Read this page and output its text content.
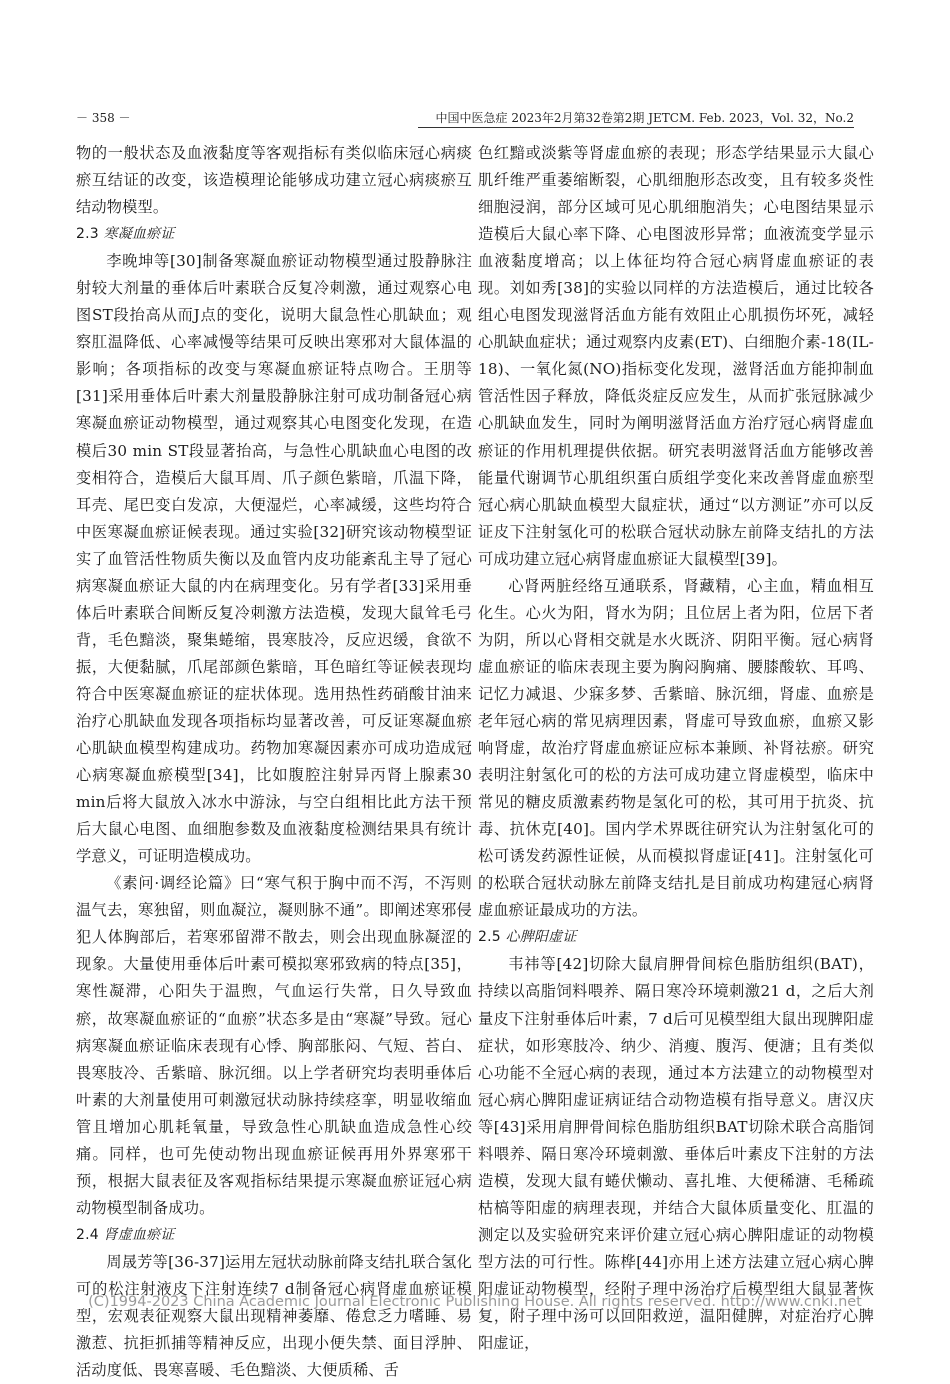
－ 358 －	中国中医急症 2023年2月第32卷第2期 JETCM. Feb. 2023，Vol. 32，No.2

物的一般状态及血液黏度等客观指标有类似临床冠心病痰瘀互结证的改变，该造模理论能够成功建立冠心病痰瘀互结动物模型。

2.3 寒凝血瘀证

李晚坤等[30]制备寒凝血瘀证动物模型通过股静脉注射较大剂量的垂体后叶素联合反复冷刺激，通过观察心电图ST段抬高从而J点的变化，说明大鼠急性心肌缺血；观察肛温降低、心率减慢等结果可反映出寒邪对大鼠体温的影响；各项指标的改变与寒凝血瘀证特点吻合。王朋等[31]采用垂体后叶素大剂量股静脉注射可成功制备冠心病寒凝血瘀证动物模型，通过观察其心电图变化发现，在造模后30 min ST段显著抬高，与急性心肌缺血心电图的改变相符合，造模后大鼠耳周、爪子颜色紫暗，爪温下降，耳壳、尾巴变白发凉，大便湿烂，心率减缓，这些均符合中医寒凝血瘀证候表现。通过实验[32]研究该动物模型证实了血管活性物质失衡以及血管内皮功能紊乱主导了冠心病寒凝血瘀证大鼠的内在病理变化。另有学者[33]采用垂体后叶素联合间断反复冷刺激方法造模，发现大鼠耸毛弓背，毛色黯淡，聚集蜷缩，畏寒肢冷，反应迟缓，食欲不振，大便黏腻，爪尾部颜色紫暗，耳色暗红等证候表现均符合中医寒凝血瘀证的症状体现。选用热性药硝酸甘油来治疗心肌缺血发现各项指标均显著改善，可反证寒凝血瘀心肌缺血模型构建成功。药物加寒凝因素亦可成功造成冠心病寒凝血瘀模型[34]，比如腹腔注射异丙肾上腺素30 min后将大鼠放入冰水中游泳，与空白组相比此方法干预后大鼠心电图、血细胞参数及血液黏度检测结果具有统计学意义，可证明造模成功。

《素问·调经论篇》曰“寒气积于胸中而不泻，不泻则温气去，寒独留，则血凝泣，凝则脉不通”。即阐述寒邪侵犯人体胸部后，若寒邪留滞不散去，则会出现血脉凝涩的现象。大量使用垂体后叶素可模拟寒邪致病的特点[35]，寒性凝滞，心阳失于温煦，气血运行失常，日久导致血瘀，故寒凝血瘀证的“血瘀”状态多是由“寒凝”导致。冠心病寒凝血瘀证临床表现有心悸、胸部胀闷、气短、苔白、畏寒肢冷、舌紫暗、脉沉细。以上学者研究均表明垂体后叶素的大剂量使用可刺激冠状动脉持续痉挛，明显收缩血管且增加心肌耗氧量，导致急性心肌缺血造成急性心绞痛。同样，也可先使动物出现血瘀证候再用外界寒邪干预，根据大鼠表征及客观指标结果提示寒凝血瘀证冠心病动物模型制备成功。

2.4 肾虚血瘀证

周晟芳等[36-37]运用左冠状动脉前降支结扎联合氢化可的松注射液皮下注射连续7 d制备冠心病肾虚血瘀证模型，宏观表征观察大鼠出现精神萎靡、倦怠乏力嗜睡、易激惹、抗拒抓捕等精神反应，出现小便失禁、面目浮肿、活动度低、畏寒喜暖、毛色黯淡、大便质稀、舌

色红黯或淡紫等肾虚血瘀的表现；形态学结果显示大鼠心肌纤维严重萎缩断裂，心肌细胞形态改变，且有较多炎性细胞浸润，部分区域可见心肌细胞消失；心电图结果显示造模后大鼠心率下降、心电图波形异常；血液流变学显示血液黏度增高；以上体征均符合冠心病肾虚血瘀证的表现。刘如秀[38]的实验以同样的方法造模后，通过比较各组心电图发现滋肾活血方能有效阻止心肌损伤坏死，减轻心肌缺血症状；通过观察内皮素(ET)、白细胞介素-18(IL-18)、一氧化氮(NO)指标变化发现，滋肾活血方能抑制血管活性因子释放，降低炎症反应发生，从而扩张冠脉减少心肌缺血发生，同时为阐明滋肾活血方治疗冠心病肾虚血瘀证的作用机理提供依据。研究表明滋肾活血方能够改善能量代谢调节心肌组织蛋白质组学变化来改善肾虚血瘀型冠心病心肌缺血模型大鼠症状，通过“以方测证”亦可以反证皮下注射氢化可的松联合冠状动脉左前降支结扎的方法可成功建立冠心病肾虚血瘀证大鼠模型[39]。

心肾两脏经络互通联系，肾藏精，心主血，精血相互化生。心火为阳，肾水为阴；且位居上者为阳，位居下者为阴，所以心肾相交就是水火既济、阴阳平衡。冠心病肾虚血瘀证的临床表现主要为胸闷胸痛、腰膝酸软、耳鸣、记忆力减退、少寐多梦、舌紫暗、脉沉细，肾虚、血瘀是老年冠心病的常见病理因素，肾虚可导致血瘀，血瘀又影响肾虚，故治疗肾虚血瘀证应标本兼顾、补肾祛瘀。研究表明注射氢化可的松的方法可成功建立肾虚模型，临床中常见的糖皮质激素药物是氢化可的松，其可用于抗炎、抗毒、抗休克[40]。国内学术界既往研究认为注射氢化可的松可诱发药源性证候，从而模拟肾虚证[41]。注射氢化可的松联合冠状动脉左前降支结扎是目前成功构建冠心病肾虚血瘀证最成功的方法。

2.5 心脾阳虚证

韦祎等[42]切除大鼠肩胛骨间棕色脂肪组织(BAT)，持续以高脂饲料喂养、隔日寒冷环境刺激21 d，之后大剂量皮下注射垂体后叶素，7 d后可见模型组大鼠出现脾阳虚症状，如形寒肢冷、纳少、消瘦、腹泻、便溏；且有类似心功能不全冠心病的表现，通过本方法建立的动物模型对冠心病心脾阳虚证病证结合动物造模有指导意义。唐汉庆等[43]采用肩胛骨间棕色脂肪组织BAT切除术联合高脂饲料喂养、隔日寒冷环境刺激、垂体后叶素皮下注射的方法造模，发现大鼠有蜷伏懒动、喜扎堆、大便稀溏、毛稀疏枯槁等阳虚的病理表现，并结合大鼠体质量变化、肛温的测定以及实验研究来评价建立冠心病心脾阳虚证的动物模型方法的可行性。陈桦[44]亦用上述方法建立冠心病心脾阳虚证动物模型，经附子理中汤治疗后模型组大鼠显著恢复，附子理中汤可以回阳救逆，温阳健脾，对症治疗心脾阳虚证，

(C)1994-2023 China Academic Journal Electronic Publishing House. All rights reserved. http://www.cnki.net
